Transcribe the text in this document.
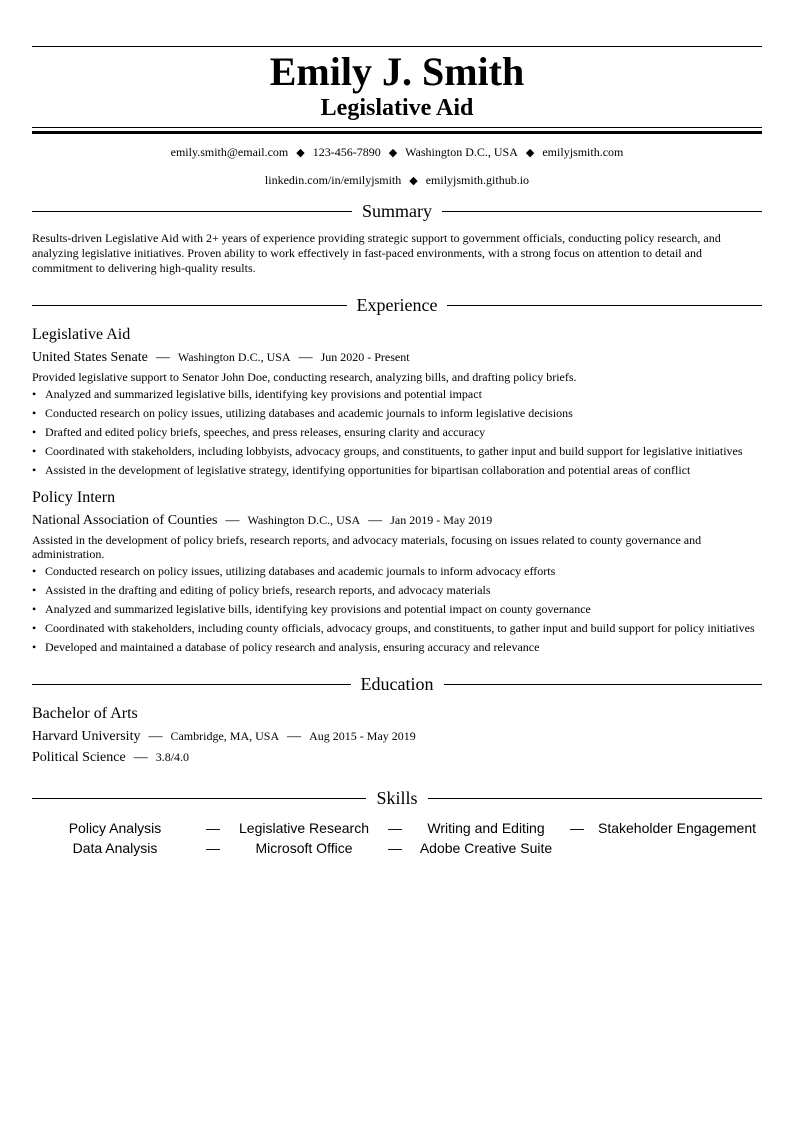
Emily J. Smith
Legislative Aid
emily.smith@email.com ◆ 123-456-7890 ◆ Washington D.C., USA ◆ emilyjsmith.com
linkedin.com/in/emilyjsmith ◆ emilyjsmith.github.io
Summary
Results-driven Legislative Aid with 2+ years of experience providing strategic support to government officials, conducting policy research, and analyzing legislative initiatives. Proven ability to work effectively in fast-paced environments, with a strong focus on attention to detail and commitment to delivering high-quality results.
Experience
Legislative Aid
United States Senate — Washington D.C., USA — Jun 2020 - Present
Provided legislative support to Senator John Doe, conducting research, analyzing bills, and drafting policy briefs.
• Analyzed and summarized legislative bills, identifying key provisions and potential impact
• Conducted research on policy issues, utilizing databases and academic journals to inform legislative decisions
• Drafted and edited policy briefs, speeches, and press releases, ensuring clarity and accuracy
• Coordinated with stakeholders, including lobbyists, advocacy groups, and constituents, to gather input and build support for legislative initiatives
• Assisted in the development of legislative strategy, identifying opportunities for bipartisan collaboration and potential areas of conflict
Policy Intern
National Association of Counties — Washington D.C., USA — Jan 2019 - May 2019
Assisted in the development of policy briefs, research reports, and advocacy materials, focusing on issues related to county governance and administration.
• Conducted research on policy issues, utilizing databases and academic journals to inform advocacy efforts
• Assisted in the drafting and editing of policy briefs, research reports, and advocacy materials
• Analyzed and summarized legislative bills, identifying key provisions and potential impact on county governance
• Coordinated with stakeholders, including county officials, advocacy groups, and constituents, to gather input and build support for policy initiatives
• Developed and maintained a database of policy research and analysis, ensuring accuracy and relevance
Education
Bachelor of Arts
Harvard University — Cambridge, MA, USA — Aug 2015 - May 2019
Political Science — 3.8/4.0
Skills
Policy Analysis	—	Legislative Research	—	Writing and Editing	—	Stakeholder Engagement
Data Analysis	—	Microsoft Office	—	Adobe Creative Suite
